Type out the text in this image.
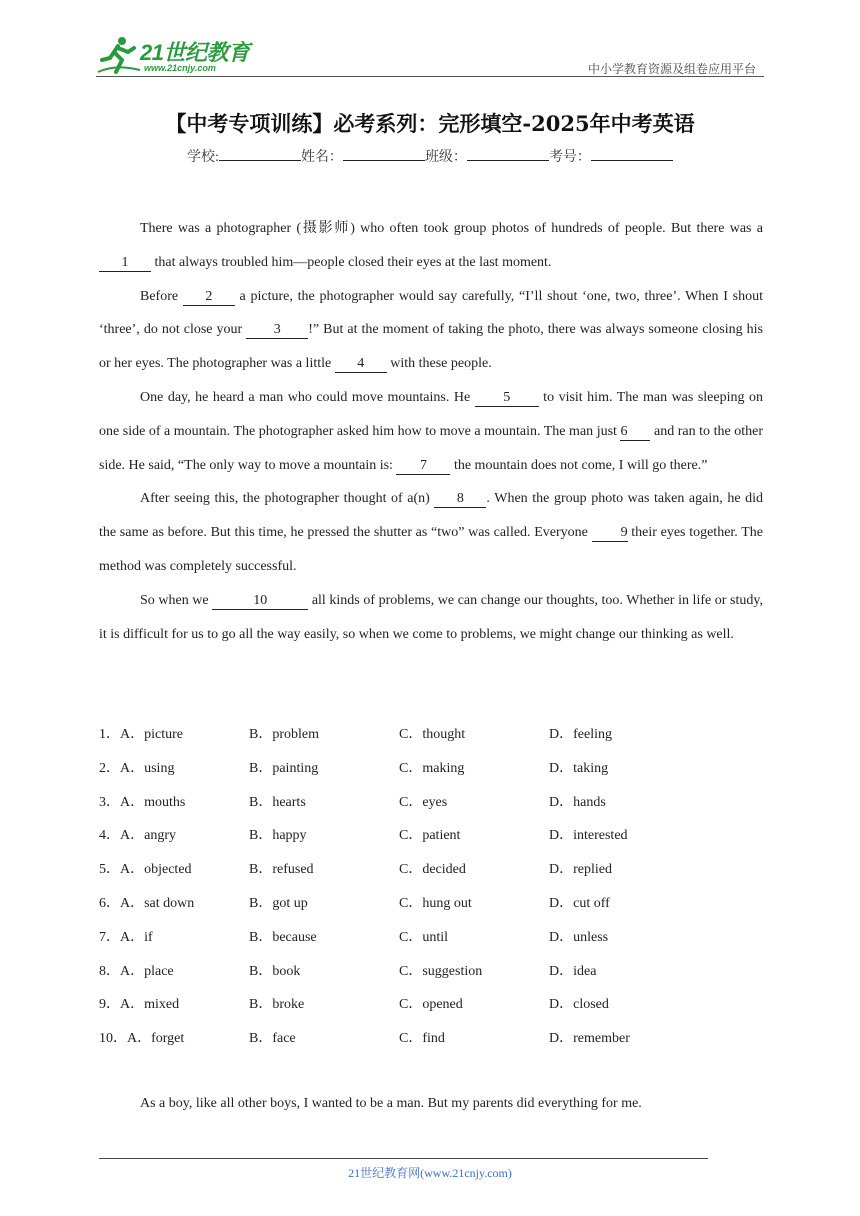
21世纪教育
www.21cnjy.com	中小学教育资源及组卷应用平台
【中考专项训练】必考系列：完形填空-2025年中考英语
学校:	姓名：	班级：	考号：

There was a photographer (摄影师) who often took group photos of hundreds of people. But there was a 1 that always troubled him—people closed their eyes at the last moment.

Before 2 a picture, the photographer would say carefully, “I’ll shout ‘one, two, three’. When I shout ‘three’, do not close your 3 !” But at the moment of taking the photo, there was always someone closing his or her eyes. The photographer was a little 4 with these people.

One day, he heard a man who could move mountains. He 5 to visit him. The man was sleeping on one side of a mountain. The photographer asked him how to move a mountain. The man just 6 and ran to the other side. He said, “The only way to move a mountain is: 7 the mountain does not come, I will go there.”

After seeing this, the photographer thought of a(n) 8 . When the group photo was taken again, he did the same as before. But this time, he pressed the shutter as “two” was called. Everyone 9 their eyes together. The method was completely successful.

So when we	10	all kinds of problems, we can change our thoughts, too. Whether in life or study, it is difficult for us to go all the way easily, so when we come to problems, we might change our thinking as well.

1．A．picture	B．problem	C．thought	D．feeling
2．A．using	B．painting	C．making	D．taking
3．A．mouths	B．hearts	C．eyes	D．hands
4．A．angry	B．happy	C．patient	D．interested
5．A．objected	B．refused	C．decided	D．replied
6．A．sat down	B．got up	C．hung out	D．cut off
7．A．if	B．because	C．until	D．unless
8．A．place	B．book	C．suggestion	D．idea
9．A．mixed	B．broke	C．opened	D．closed
10．A．forget	B．face	C．find	D．remember
As a boy, like all other boys, I wanted to be a man. But my parents did everything for me.
21世纪教育网(www.21cnjy.com)
